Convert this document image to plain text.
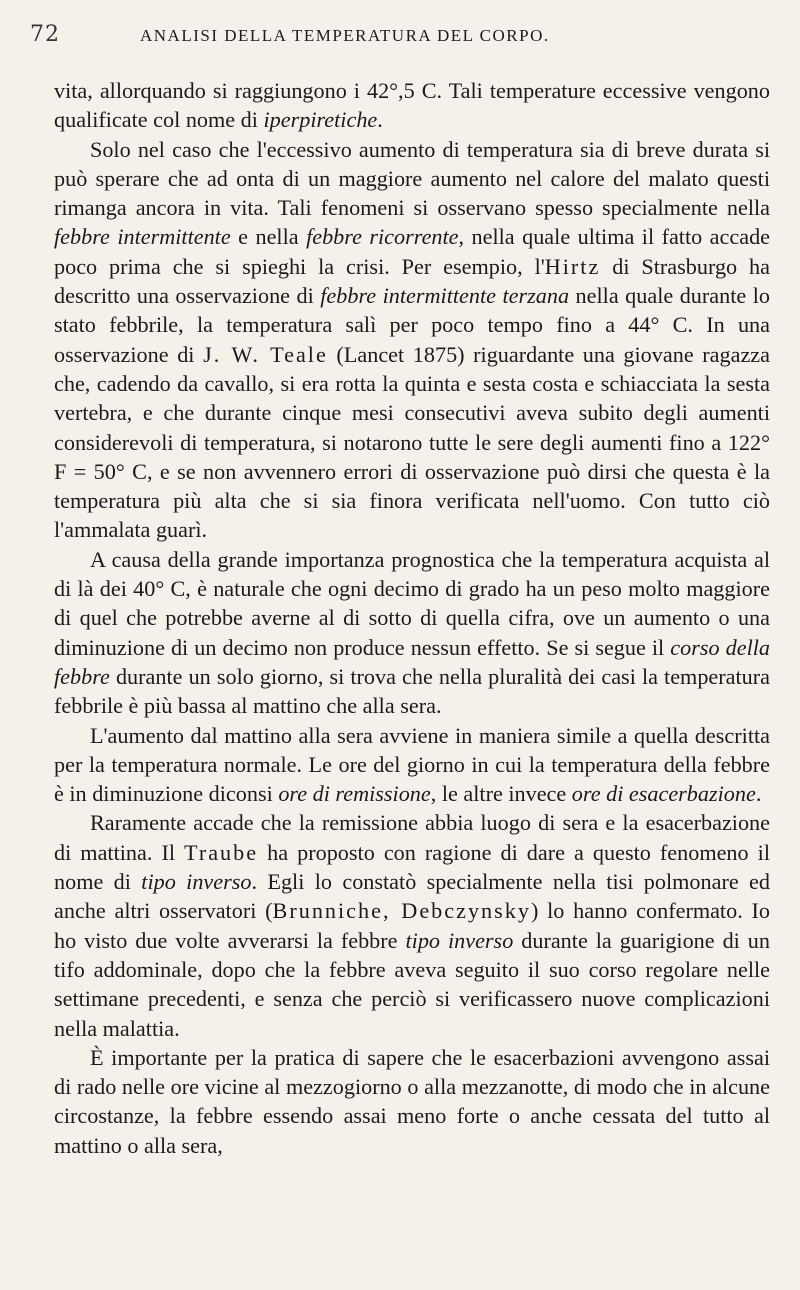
72	ANALISI DELLA TEMPERATURA DEL CORPO.

vita, allorquando si raggiungono i 42°,5 C. Tali temperature eccessive vengono qualificate col nome di iperpiretiche.

Solo nel caso che l'eccessivo aumento di temperatura sia di breve durata si può sperare che ad onta di un maggiore aumento nel calore del malato questi rimanga ancora in vita. Tali fenomeni si osservano spesso specialmente nella febbre intermittente e nella febbre ricorrente, nella quale ultima il fatto accade poco prima che si spieghi la crisi. Per esempio, l'Hirtz di Strasburgo ha descritto una osservazione di febbre intermittente terzana nella quale durante lo stato febbrile, la temperatura salì per poco tempo fino a 44° C. In una osservazione di J. W. Teale (Lancet 1875) riguardante una giovane ragazza che, cadendo da cavallo, si era rotta la quinta e sesta costa e schiacciata la sesta vertebra, e che durante cinque mesi consecutivi aveva subito degli aumenti considerevoli di temperatura, si notarono tutte le sere degli aumenti fino a 122° F = 50° C, e se non avvennero errori di osservazione può dirsi che questa è la temperatura più alta che si sia finora verificata nell'uomo. Con tutto ciò l'ammalata guarì.

A causa della grande importanza prognostica che la temperatura acquista al di là dei 40° C, è naturale che ogni decimo di grado ha un peso molto maggiore di quel che potrebbe averne al di sotto di quella cifra, ove un aumento o una diminuzione di un decimo non produce nessun effetto. Se si segue il corso della febbre durante un solo giorno, si trova che nella pluralità dei casi la temperatura febbrile è più bassa al mattino che alla sera.

L'aumento dal mattino alla sera avviene in maniera simile a quella descritta per la temperatura normale. Le ore del giorno in cui la temperatura della febbre è in diminuzione diconsi ore di remissione, le altre invece ore di esacerbazione.

Raramente accade che la remissione abbia luogo di sera e la esacerbazione di mattina. Il Traube ha proposto con ragione di dare a questo fenomeno il nome di tipo inverso. Egli lo constatò specialmente nella tisi polmonare ed anche altri osservatori (Brunniche, Debczynsky) lo hanno confermato. Io ho visto due volte avverarsi la febbre tipo inverso durante la guarigione di un tifo addominale, dopo che la febbre aveva seguito il suo corso regolare nelle settimane precedenti, e senza che perciò si verificassero nuove complicazioni nella malattia.

È importante per la pratica di sapere che le esacerbazioni avvengono assai di rado nelle ore vicine al mezzogiorno o alla mezzanotte, di modo che in alcune circostanze, la febbre essendo assai meno forte o anche cessata del tutto al mattino o alla sera,
